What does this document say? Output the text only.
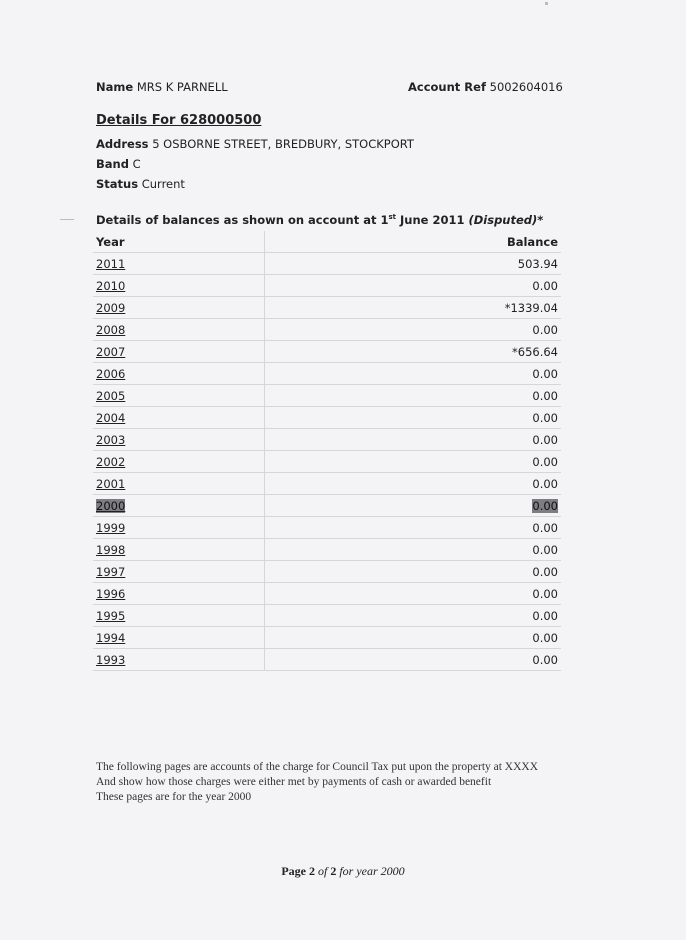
Name MRS K PARNELL	Account Ref 5002604016
Details For 628000500
Address 5 OSBORNE STREET, BREDBURY, STOCKPORT
Band C
Status Current
Details of balances as shown on account at 1st June 2011 (Disputed)*
Year	Balance
2011	503.94
2010	0.00
2009	*1339.04
2008	0.00
2007	*656.64
2006	0.00
2005	0.00
2004	0.00
2003	0.00
2002	0.00
2001	0.00
2000	0.00
1999	0.00
1998	0.00
1997	0.00
1996	0.00
1995	0.00
1994	0.00
1993	0.00
The following pages are accounts of the charge for Council Tax put upon the property at XXXX
And show how those charges were either met by payments of cash or awarded benefit
These pages are for the year 2000
Page 2 of 2 for year 2000
